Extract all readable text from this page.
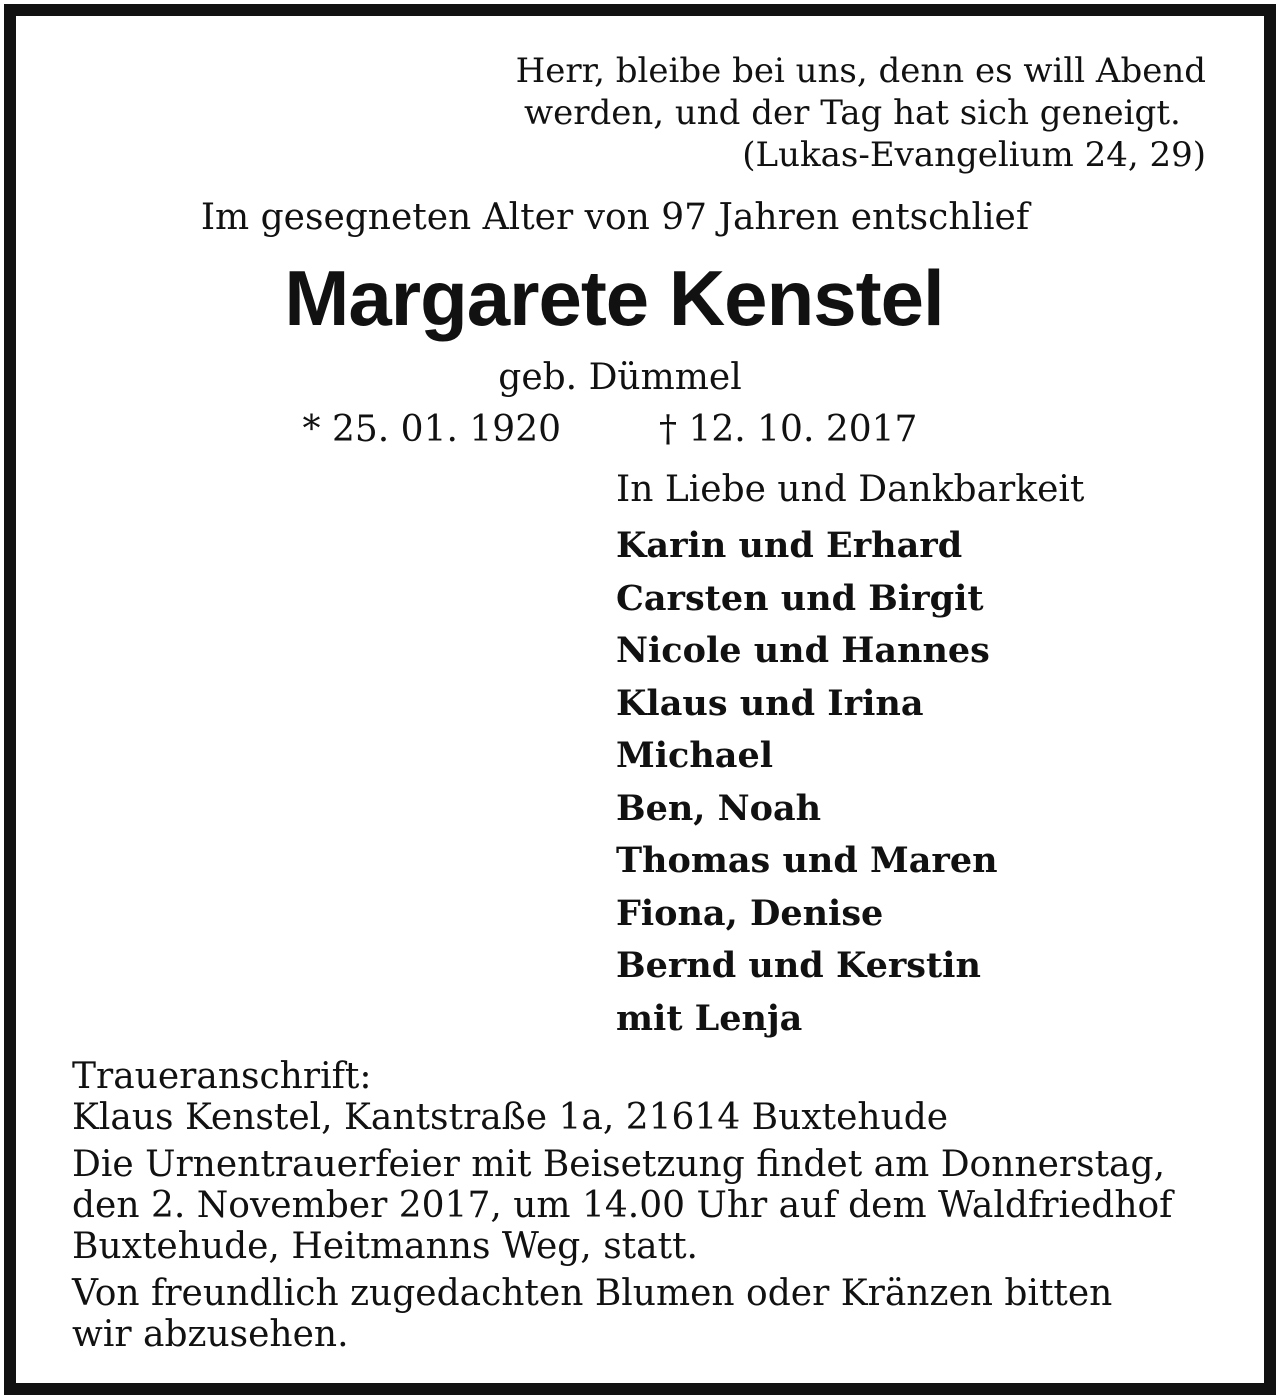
Herr, bleibe bei uns, denn es will Abend
werden, und der Tag hat sich geneigt.
(Lukas-Evangelium 24, 29)
Im gesegneten Alter von 97 Jahren entschlief
Margarete Kenstel
geb. Dümmel
* 25. 01. 1920	† 12. 10. 2017
In Liebe und Dankbarkeit
Karin und Erhard
Carsten und Birgit
Nicole und Hannes
Klaus und Irina
Michael
Ben, Noah
Thomas und Maren
Fiona, Denise
Bernd und Kerstin
mit Lenja

Traueranschrift:

Klaus Kenstel, Kantstraße 1a, 21614 Buxtehude

Die Urnentrauerfeier mit Beisetzung findet am Donnerstag,
den 2. November 2017, um 14.00 Uhr auf dem Waldfriedhof
Buxtehude, Heitmanns Weg, statt.

Von freundlich zugedachten Blumen oder Kränzen bitten
wir abzusehen.
